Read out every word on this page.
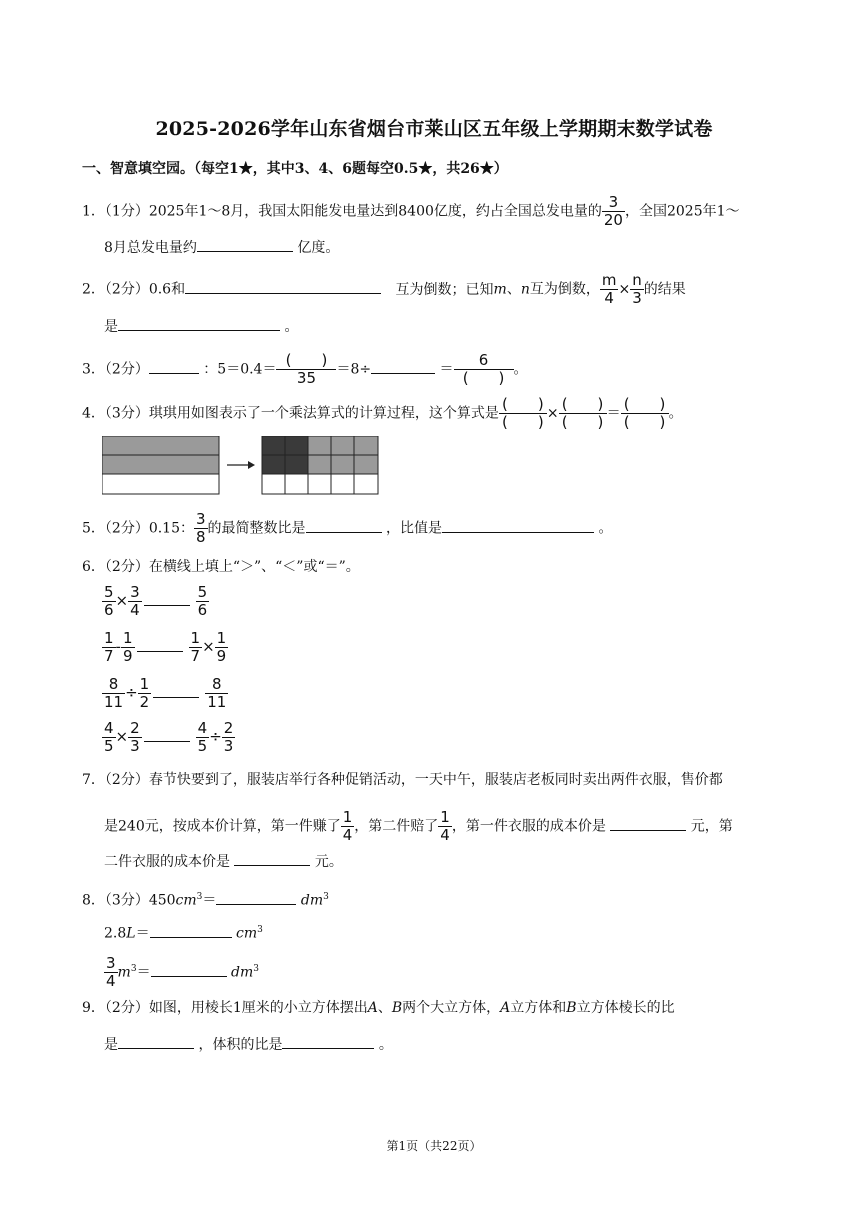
2025-2026学年山东省烟台市莱山区五年级上学期期末数学试卷
一、智意填空园。（每空1★，其中3、4、6题每空0.5★，共26★）
1．（1分）2025年1～8月，我国太阳能发电量达到8400亿度，约占全国总发电量的 $\frac{3}{20}$ ，全国2025年1～
8月总发电量约	亿度。
2．（2分）0.6和	互为倒数；已知m、n互为倒数， $\frac{m}{4} \times \frac{n}{3}$ 的结果
是	。
3．（2分）	：$5=0.4= \frac{( )}{35} =8\div$	＝ $\frac{6}{( )}$ 。
4．（3分）琪琪用如图表示了一个乘法算式的计算过程，这个算式是 $\frac{( )}{( )} \times \frac{( )}{( )} = \frac{( )}{( )}$ 。
5．（2分）0.15： $\frac{3}{8}$ 的最简整数比是	，比值是	。
6．（2分）在横线上填上“＞”、“＜”或“＝”。
$\frac{5}{6} \times \frac{3}{4}$	$\frac{5}{6}$
$\frac{1}{7} - \frac{1}{9}$	$\frac{1}{7} \times \frac{1}{9}$
$\frac{8}{11} \div \frac{1}{2}$	$\frac{8}{11}$
$\frac{4}{5} \times \frac{2}{3}$	$\frac{4}{5} \div \frac{2}{3}$
7．（2分）春节快要到了，服装店举行各种促销活动，一天中午，服装店老板同时卖出两件衣服，售价都
是240元，按成本价计算，第一件赚了 $\frac{1}{4}$ ，第二件赔了 $\frac{1}{4}$ ，第一件衣服的成本价是	元，第
二件衣服的成本价是	元。
8．（3分）$450cm^3=$	$dm^3$
2.8L＝	$cm^3$
$\frac{3}{4} m^3=$	$dm^3$
9．（2分）如图，用棱长1厘米的小立方体摆出A、B两个大立方体，A立方体和B立方体棱长的比
是	，体积的比是	。
第1页（共22页）
